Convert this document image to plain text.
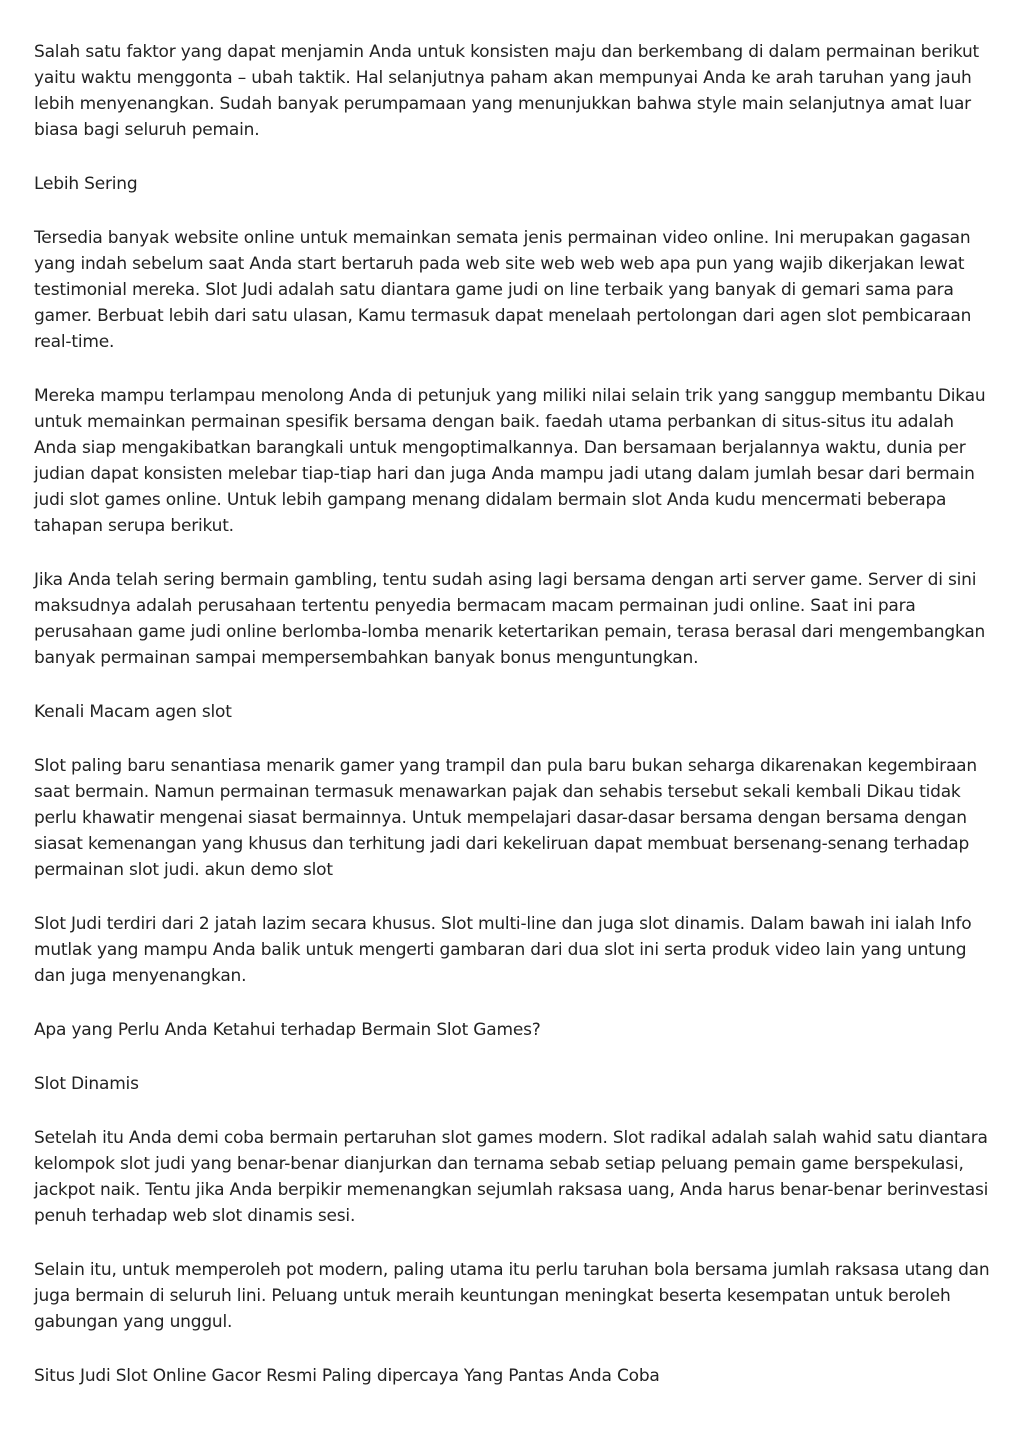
Salah satu faktor yang dapat menjamin Anda untuk konsisten maju dan berkembang di dalam permainan berikut yaitu waktu menggonta – ubah taktik. Hal selanjutnya paham akan mempunyai Anda ke arah taruhan yang jauh lebih menyenangkan. Sudah banyak perumpamaan yang menunjukkan bahwa style main selanjutnya amat luar biasa bagi seluruh pemain.

Lebih Sering

Tersedia banyak website online untuk memainkan semata jenis permainan video online. Ini merupakan gagasan yang indah sebelum saat Anda start bertaruh pada web site web web web apa pun yang wajib dikerjakan lewat testimonial mereka. Slot Judi adalah satu diantara game judi on line terbaik yang banyak di gemari sama para gamer. Berbuat lebih dari satu ulasan, Kamu termasuk dapat menelaah pertolongan dari agen slot pembicaraan real-time.

Mereka mampu terlampau menolong Anda di petunjuk yang miliki nilai selain trik yang sanggup membantu Dikau untuk memainkan permainan spesifik bersama dengan baik. faedah utama perbankan di situs-situs itu adalah Anda siap mengakibatkan barangkali untuk mengoptimalkannya. Dan bersamaan berjalannya waktu, dunia per judian dapat konsisten melebar tiap-tiap hari dan juga Anda mampu jadi utang dalam jumlah besar dari bermain judi slot games online. Untuk lebih gampang menang didalam bermain slot Anda kudu mencermati beberapa tahapan serupa berikut.

Jika Anda telah sering bermain gambling, tentu sudah asing lagi bersama dengan arti server game. Server di sini maksudnya adalah perusahaan tertentu penyedia bermacam macam permainan judi online. Saat ini para perusahaan game judi online berlomba-lomba menarik ketertarikan pemain, terasa berasal dari mengembangkan banyak permainan sampai mempersembahkan banyak bonus menguntungkan.

Kenali Macam agen slot

Slot paling baru senantiasa menarik gamer yang trampil dan pula baru bukan seharga dikarenakan kegembiraan saat bermain. Namun permainan termasuk menawarkan pajak dan sehabis tersebut sekali kembali Dikau tidak perlu khawatir mengenai siasat bermainnya. Untuk mempelajari dasar-dasar bersama dengan bersama dengan siasat kemenangan yang khusus dan terhitung jadi dari kekeliruan dapat membuat bersenang-senang terhadap permainan slot judi. akun demo slot

Slot Judi terdiri dari 2 jatah lazim secara khusus. Slot multi-line dan juga slot dinamis. Dalam bawah ini ialah Info mutlak yang mampu Anda balik untuk mengerti gambaran dari dua slot ini serta produk video lain yang untung dan juga menyenangkan.

Apa yang Perlu Anda Ketahui terhadap Bermain Slot Games?

Slot Dinamis

Setelah itu Anda demi coba bermain pertaruhan slot games modern. Slot radikal adalah salah wahid satu diantara kelompok slot judi yang benar-benar dianjurkan dan ternama sebab setiap peluang pemain game berspekulasi, jackpot naik. Tentu jika Anda berpikir memenangkan sejumlah raksasa uang, Anda harus benar-benar berinvestasi penuh terhadap web slot dinamis sesi.

Selain itu, untuk memperoleh pot modern, paling utama itu perlu taruhan bola bersama jumlah raksasa utang dan juga bermain di seluruh lini. Peluang untuk meraih keuntungan meningkat beserta kesempatan untuk beroleh gabungan yang unggul.

Situs Judi Slot Online Gacor Resmi Paling dipercaya Yang Pantas Anda Coba
